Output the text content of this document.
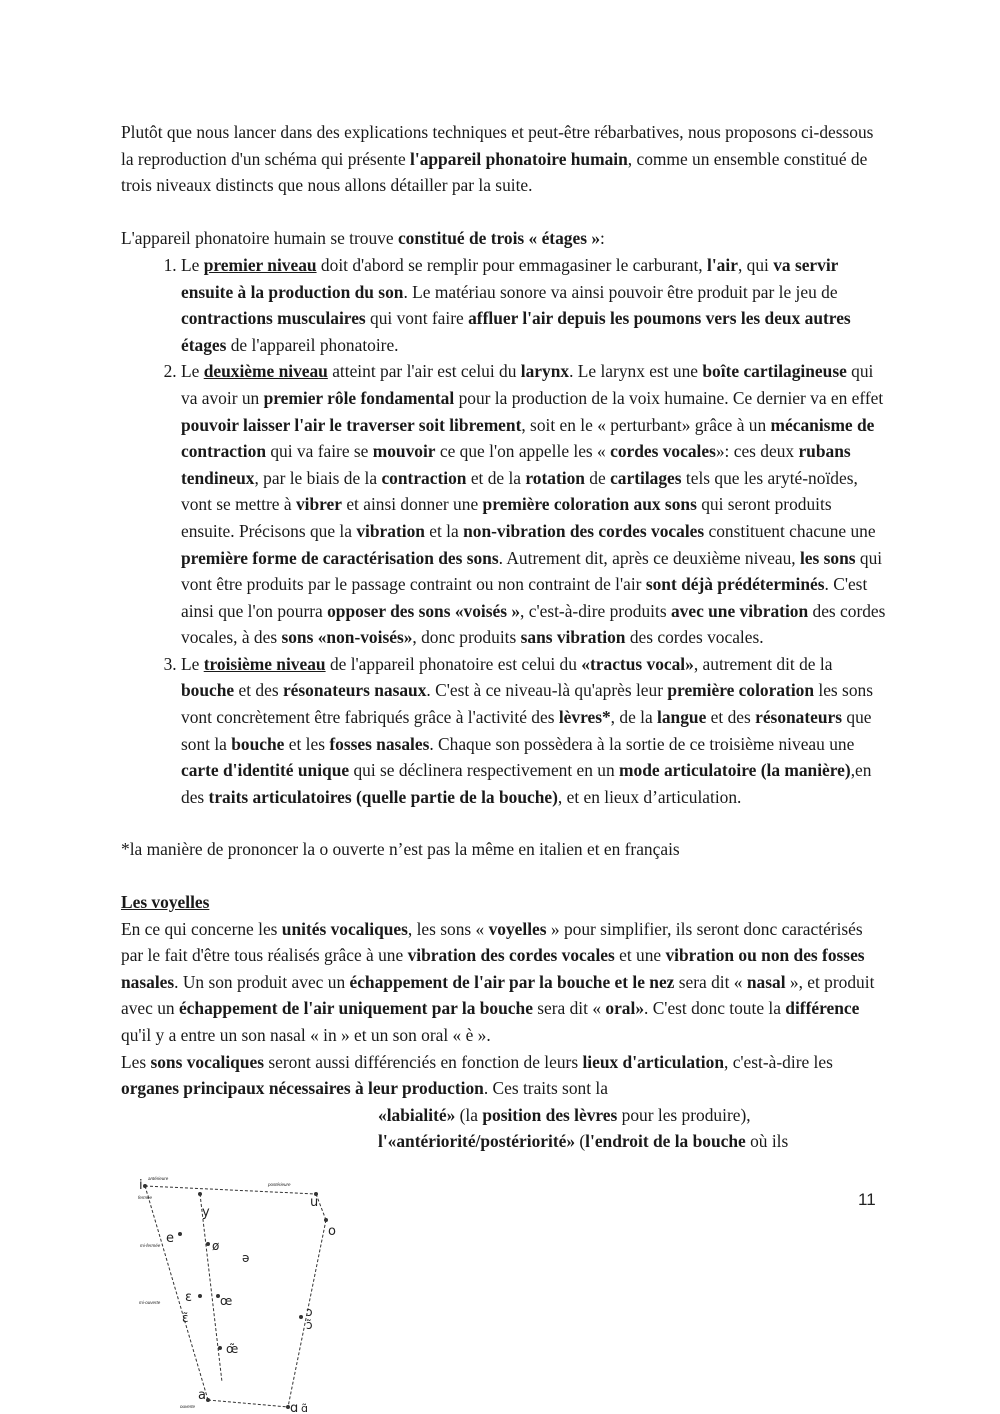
Plutôt que nous lancer dans des explications techniques et peut-être rébarbatives, nous proposons ci-dessous la reproduction d'un schéma qui présente l'appareil phonatoire humain, comme un ensemble constitué de trois niveaux distincts que nous allons détailler par la suite.

L'appareil phonatoire humain se trouve constitué de trois « étages »:

1. Le premier niveau doit d'abord se remplir pour emmagasiner le carburant, l'air, qui va servir ensuite à la production du son. Le matériau sonore va ainsi pouvoir être produit par le jeu de contractions musculaires qui vont faire affluer l'air depuis les poumons vers les deux autres étages de l'appareil phonatoire.
2. Le deuxième niveau atteint par l'air est celui du larynx. Le larynx est une boîte cartilagineuse qui va avoir un premier rôle fondamental pour la production de la voix humaine. Ce dernier va en effet pouvoir laisser l'air le traverser soit librement, soit en le « perturbant» grâce à un mécanisme de contraction qui va faire se mouvoir ce que l'on appelle les « cordes vocales»: ces deux rubans tendineux, par le biais de la contraction et de la rotation de cartilages tels que les aryté-noïdes, vont se mettre à vibrer et ainsi donner une première coloration aux sons qui seront produits ensuite. Précisons que la vibration et la non-vibration des cordes vocales constituent chacune une première forme de caractérisation des sons. Autrement dit, après ce deuxième niveau, les sons qui vont être produits par le passage contraint ou non contraint de l'air sont déjà prédéterminés. C'est ainsi que l'on pourra opposer des sons «voisés », c'est-à-dire produits avec une vibration des cordes vocales, à des sons «non-voisés», donc produits sans vibration des cordes vocales.
3. Le troisième niveau de l'appareil phonatoire est celui du «tractus vocal», autrement dit de la bouche et des résonateurs nasaux. C'est à ce niveau-là qu'après leur première coloration les sons vont concrètement être fabriqués grâce à l'activité des lèvres*, de la langue et des résonateurs que sont la bouche et les fosses nasales. Chaque son possèdera à la sortie de ce troisième niveau une carte d'identité unique qui se déclinera respectivement en un mode articulatoire (la manière),en des traits articulatoires (quelle partie de la bouche), et en lieux d’articulation.

*la manière de prononcer la o ouverte n’est pas la même en italien et en français

Les voyelles

En ce qui concerne les unités vocaliques, les sons « voyelles » pour simplifier, ils seront donc caractérisés par le fait d'être tous réalisés grâce à une vibration des cordes vocales et une vibration ou non des fosses nasales. Un son produit avec un échappement de l'air par la bouche et le nez sera dit « nasal », et produit avec un échappement de l'air uniquement par la bouche sera dit « oral». C'est donc toute la différence qu'il y a entre un son nasal « in » et un son oral « è ».

Les sons vocaliques seront aussi différenciés en fonction de leurs lieux d'articulation, c'est-à-dire les organes principaux nécessaires à leur production. Ces traits sont la

«labialité» (la position des lèvres pour les produire),

l'«antériorité/postériorité» (l'endroit de la bouche où ils

antérieure
postérieure
fermée
mi-fermée
mi-ouverte
ouverte
i
y
u
e	ø
ə
o
ɛ œ
ɔ
ɛ̃
œ̃
ɔ̃
a
ɑ ɑ̃
11
